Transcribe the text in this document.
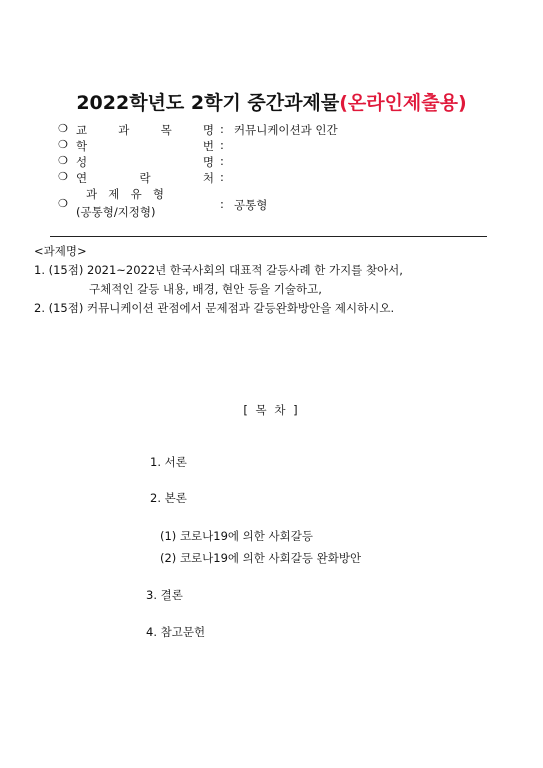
2022학년도 2학기 중간과제물(온라인제출용)
❍ 교	과	목	명 : 커뮤니케이션과 인간
❍ 학	번 :
❍ 성	명 :
❍ 연	락	처 :
❍
과 제 유 형
(공통형/지정형)
: 공통형
<과제명>
1. (15점) 2021~2022년 한국사회의 대표적 갈등사례 한 가지를 찾아서,
구체적인 갈등 내용, 배경, 현안 등을 기술하고,
2. (15점) 커뮤니케이션 관점에서 문제점과 갈등완화방안을 제시하시오.
[ 목 차 ]
1. 서론
2. 본론
(1) 코로나19에 의한 사회갈등
(2) 코로나19에 의한 사회갈등 완화방안
3. 결론
4. 참고문헌
